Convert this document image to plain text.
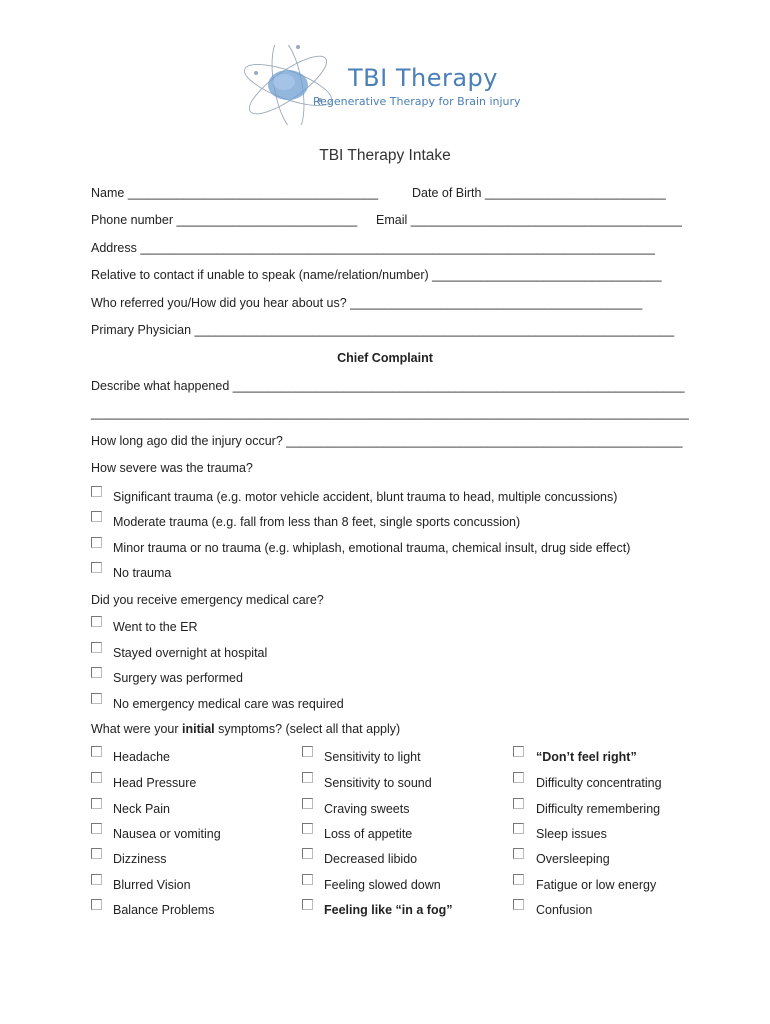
TBI Therapy
Regenerative Therapy for Brain injury
TBI Therapy Intake
Name ____________________________________	Date of Birth __________________________
Phone number __________________________ Email _______________________________________
Address __________________________________________________________________________
Relative to contact if unable to speak (name/relation/number) _________________________________
Who referred you/How did you hear about us? __________________________________________
Primary Physician _____________________________________________________________________
Chief Complaint
Describe what happened _________________________________________________________________
______________________________________________________________________________________
How long ago did the injury occur? _________________________________________________________
How severe was the trauma?
Significant trauma (e.g. motor vehicle accident, blunt trauma to head, multiple concussions)
Moderate trauma (e.g. fall from less than 8 feet, single sports concussion)
Minor trauma or no trauma (e.g. whiplash, emotional trauma, chemical insult, drug side effect)
No trauma
Did you receive emergency medical care?
Went to the ER
Stayed overnight at hospital
Surgery was performed
No emergency medical care was required
What were your initial symptoms? (select all that apply)
Headache
Head Pressure
Neck Pain
Nausea or vomiting
Dizziness
Blurred Vision
Balance Problems
Sensitivity to light
Sensitivity to sound
Craving sweets
Loss of appetite
Decreased libido
Feeling slowed down
Feeling like “in a fog”
“Don’t feel right”
Difficulty concentrating
Difficulty remembering
Sleep issues
Oversleeping
Fatigue or low energy
Confusion
